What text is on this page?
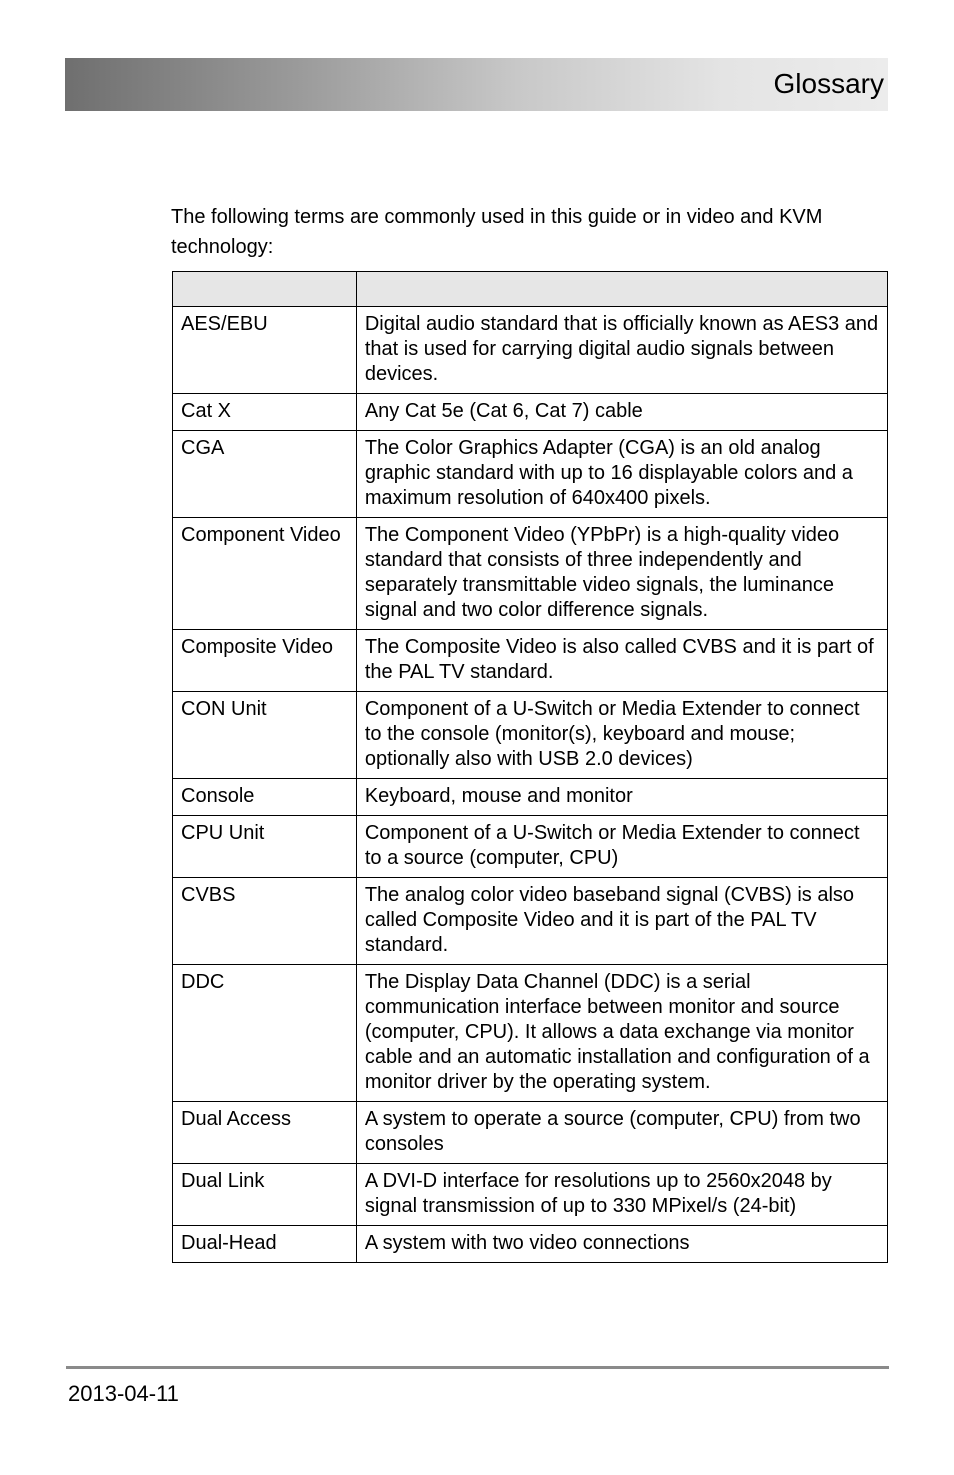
Glossary
The following terms are commonly used in this guide or in video and KVM technology:

AES/EBU	Digital audio standard that is officially known as AES3 and that is used for carrying digital audio signals between devices.
Cat X	Any Cat 5e (Cat 6, Cat 7) cable
CGA	The Color Graphics Adapter (CGA) is an old analog graphic standard with up to 16 displayable colors and a maximum resolution of 640x400 pixels.
Component Video	The Component Video (YPbPr) is a high-quality video standard that consists of three independently and separately transmittable video signals, the luminance signal and two color difference signals.
Composite Video	The Composite Video is also called CVBS and it is part of the PAL TV standard.
CON Unit	Component of a U-Switch or Media Extender to connect to the console (monitor(s), keyboard and mouse; optionally also with USB 2.0 devices)
Console	Keyboard, mouse and monitor
CPU Unit	Component of a U-Switch or Media Extender to connect to a source (computer, CPU)
CVBS	The analog color video baseband signal (CVBS) is also called Composite Video and it is part of the PAL TV standard.
DDC	The Display Data Channel (DDC) is a serial communication interface between monitor and source (computer, CPU). It allows a data exchange via monitor cable and an automatic installation and configuration of a monitor driver by the operating system.
Dual Access	A system to operate a source (computer, CPU) from two consoles
Dual Link	A DVI-D interface for resolutions up to 2560x2048 by signal transmission of up to 330 MPixel/s (24-bit)
Dual-Head	A system with two video connections
2013-04-11
